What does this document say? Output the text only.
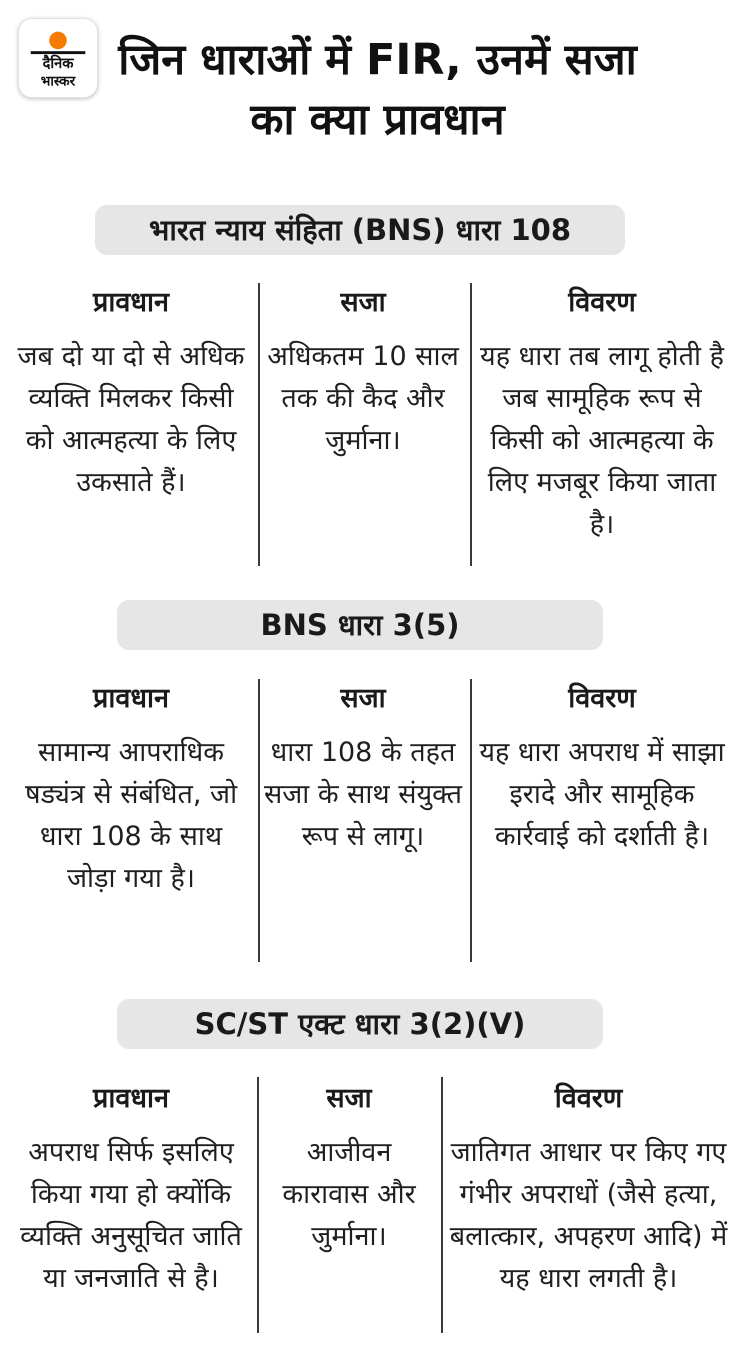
दैनिक
भास्कर जिन धाराओं में FIR, उनमें सजा का क्या प्रावधान
भारत न्याय संहिता (BNS) धारा 108
प्रावधान
जब दो या दो से अधिक व्यक्ति मिलकर किसी को आत्महत्या के लिए उकसाते हैं।
सजा
अधिकतम 10 साल तक की कैद और जुर्माना।
विवरण
यह धारा तब लागू होती है जब सामूहिक रूप से किसी को आत्महत्या के लिए मजबूर किया जाता है।
BNS धारा 3(5)
प्रावधान
सामान्य आपराधिक षड्यंत्र से संबंधित, जो धारा 108 के साथ जोड़ा गया है।
सजा
धारा 108 के तहत सजा के साथ संयुक्त रूप से लागू।
विवरण
यह धारा अपराध में साझा इरादे और सामूहिक कार्रवाई को दर्शाती है।
SC/ST एक्ट धारा 3(2)(V)
प्रावधान
अपराध सिर्फ इसलिए किया गया हो क्योंकि व्यक्ति अनुसूचित जाति या जनजाति से है।
सजा
आजीवन कारावास और जुर्माना।
विवरण
जातिगत आधार पर किए गए गंभीर अपराधों (जैसे हत्या, बलात्कार, अपहरण आदि) में यह धारा लगती है।
